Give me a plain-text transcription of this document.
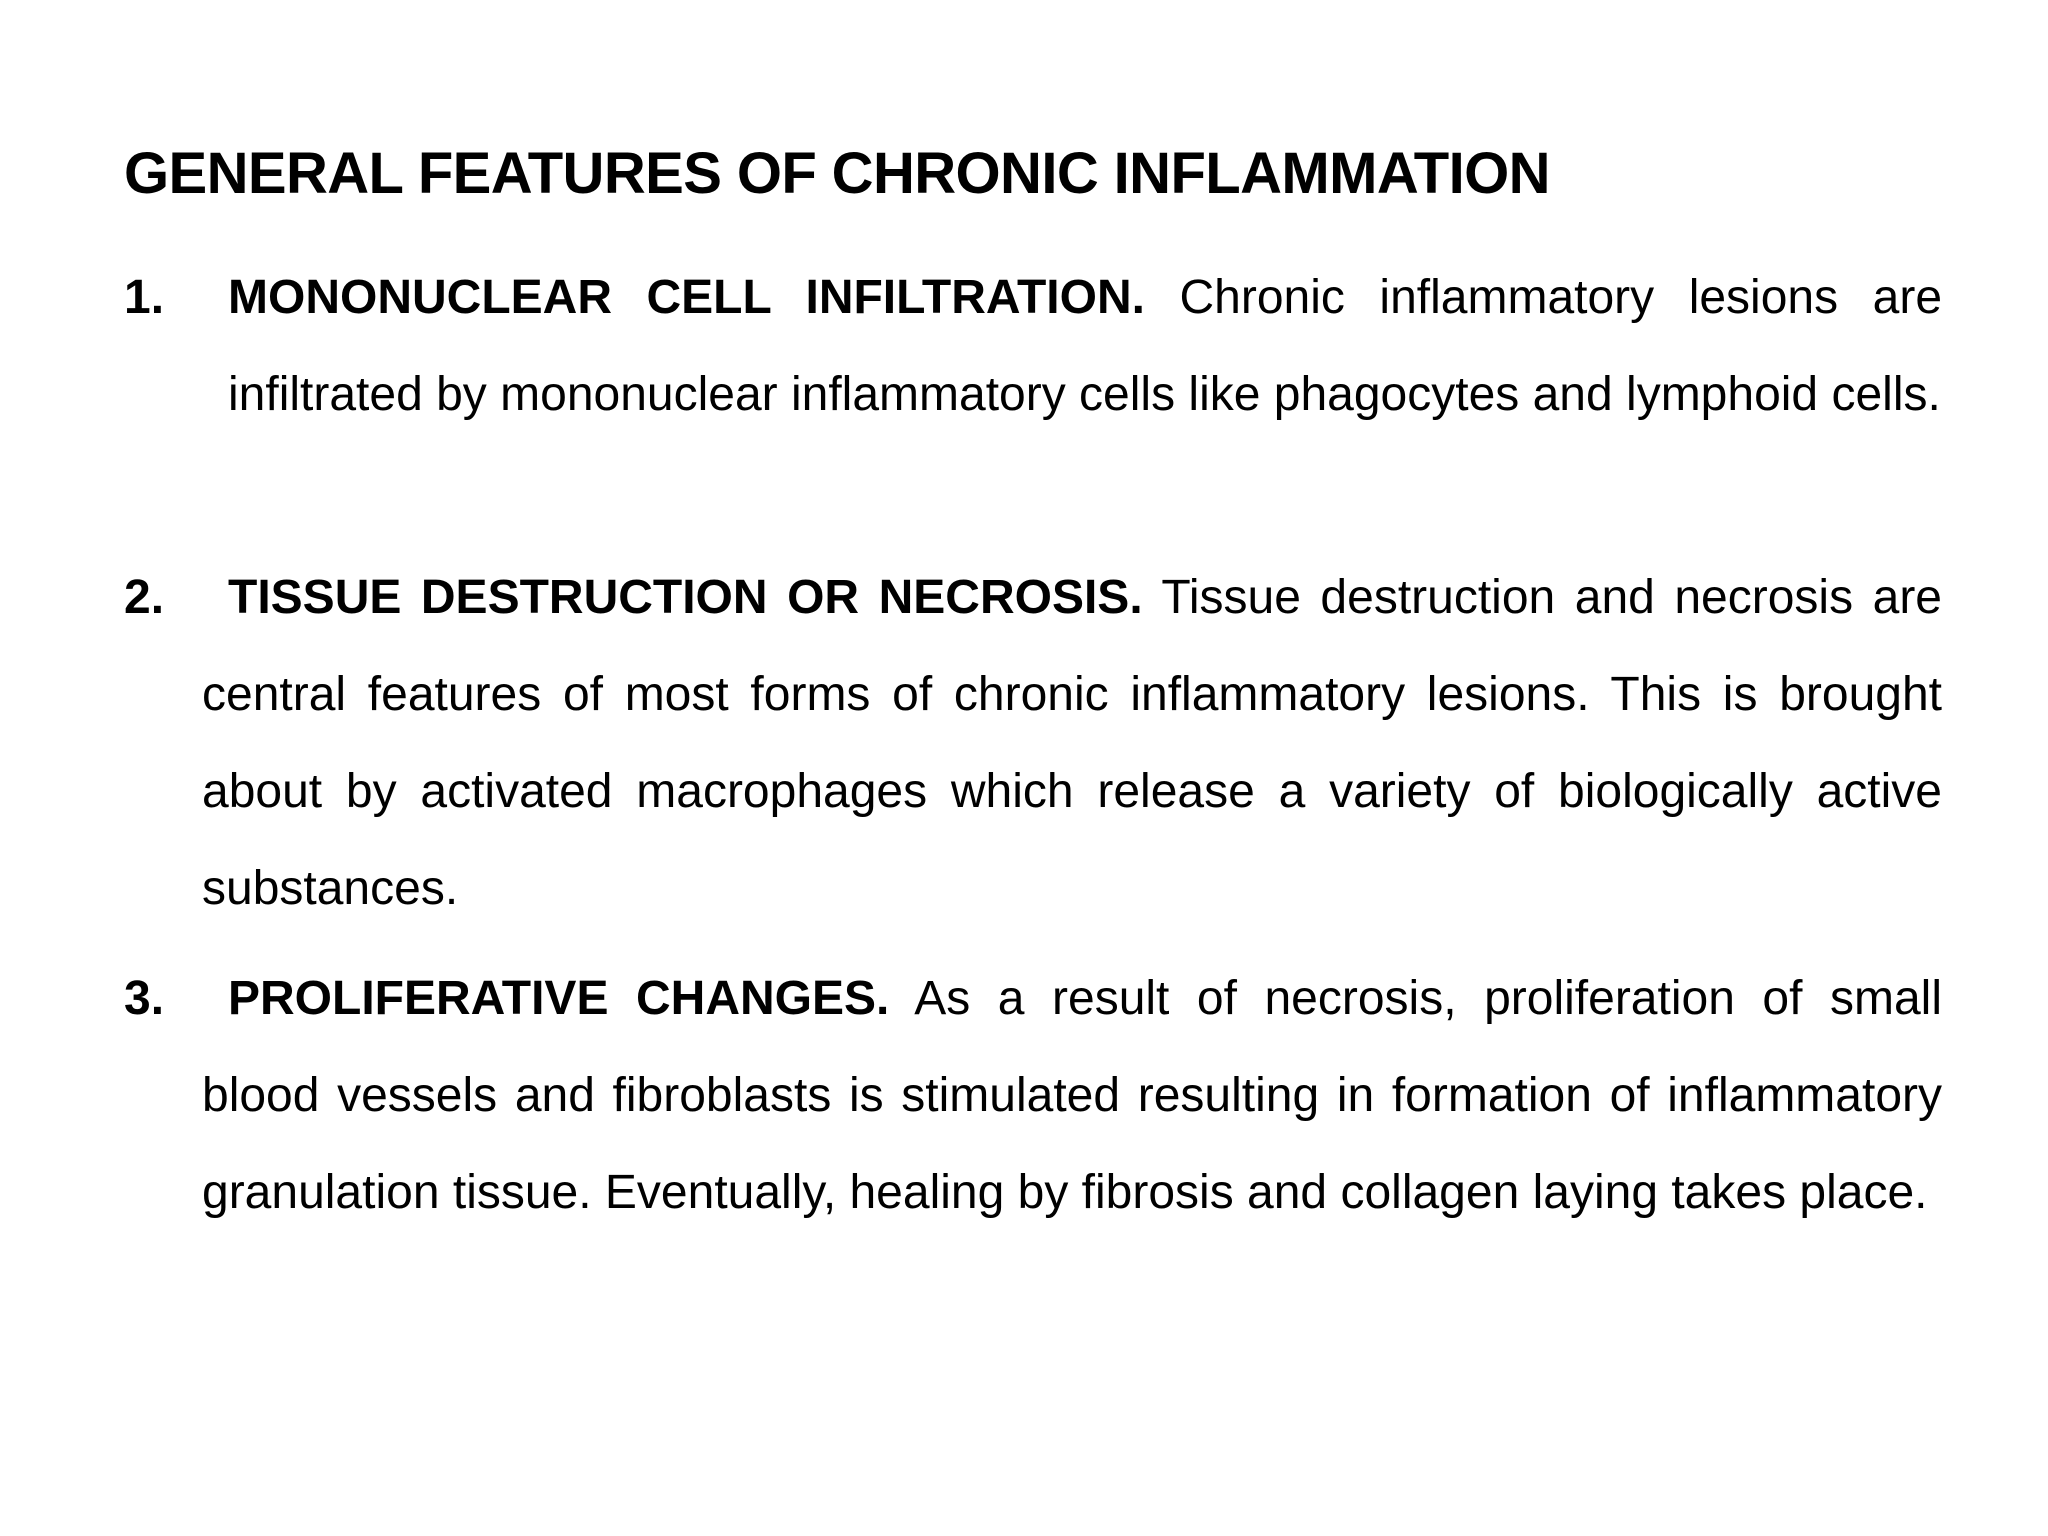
GENERAL FEATURES OF CHRONIC INFLAMMATION
1.	MONONUCLEAR CELL INFILTRATION. Chronic inflammatory lesions are infiltrated by mononuclear inflammatory cells like phagocytes and lymphoid cells.
2.	TISSUE DESTRUCTION OR NECROSIS. Tissue destruction and necrosis are central features of most forms of chronic inflammatory lesions. This is brought about by activated macrophages which release a variety of biologically active substances.
3.	PROLIFERATIVE CHANGES. As a result of necrosis, proliferation of small blood vessels and fibroblasts is stimulated resulting in formation of inflammatory granulation tissue. Eventually, healing by fibrosis and collagen laying takes place.
